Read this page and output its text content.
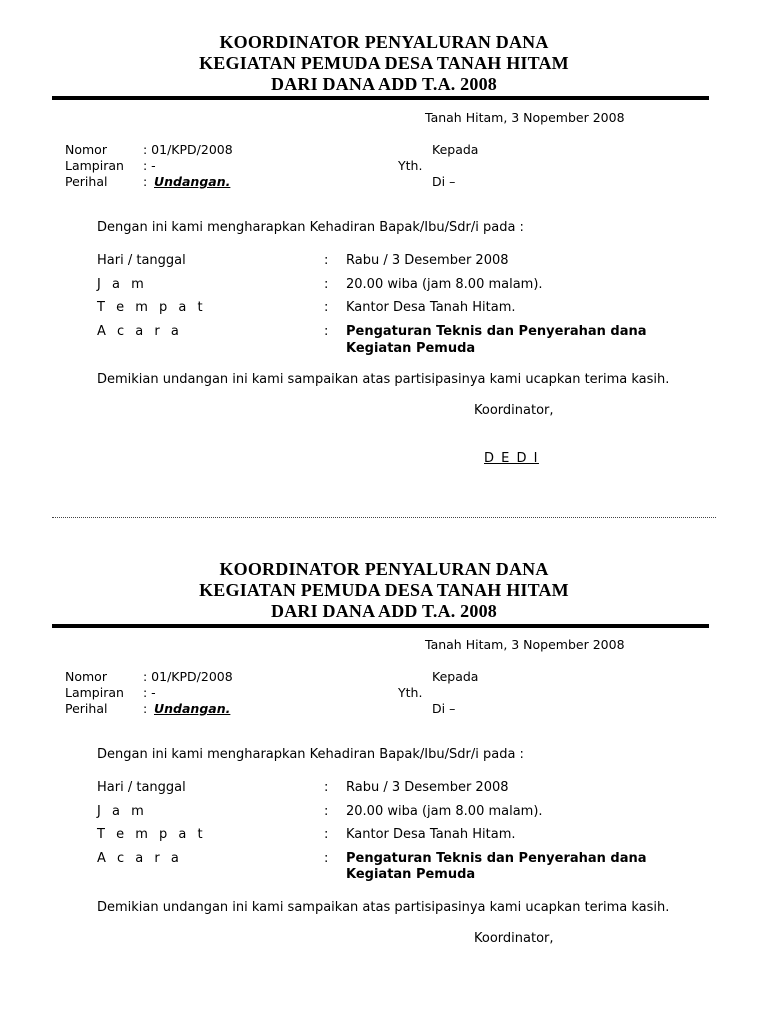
KOORDINATOR PENYALURAN DANA
KEGIATAN PEMUDA DESA TANAH HITAM
DARI DANA ADD T.A. 2008
Tanah Hitam, 3 Nopember 2008
Nomor	: 01/KPD/2008
Lampiran : -
Perihal	: Undangan.
Kepada
Yth.
Di –
Dengan ini kami mengharapkan Kehadiran Bapak/Ibu/Sdr/i pada :
Hari / tanggal	: Rabu / 3 Desember 2008
J a m	: 20.00 wiba (jam 8.00 malam).
T e m p a t	: Kantor Desa Tanah Hitam.
A c a r a	: Pengaturan Teknis dan Penyerahan dana
Kegiatan Pemuda
Demikian undangan ini kami sampaikan atas partisipasinya kami ucapkan terima kasih.
Koordinator,
D E D I
KOORDINATOR PENYALURAN DANA
KEGIATAN PEMUDA DESA TANAH HITAM
DARI DANA ADD T.A. 2008
Tanah Hitam, 3 Nopember 2008
Nomor	: 01/KPD/2008
Lampiran : -
Perihal	: Undangan.
Kepada
Yth.
Di –
Dengan ini kami mengharapkan Kehadiran Bapak/Ibu/Sdr/i pada :
Hari / tanggal	: Rabu / 3 Desember 2008
J a m	: 20.00 wiba (jam 8.00 malam).
T e m p a t	: Kantor Desa Tanah Hitam.
A c a r a	: Pengaturan Teknis dan Penyerahan dana
Kegiatan Pemuda
Demikian undangan ini kami sampaikan atas partisipasinya kami ucapkan terima kasih.
Koordinator,
